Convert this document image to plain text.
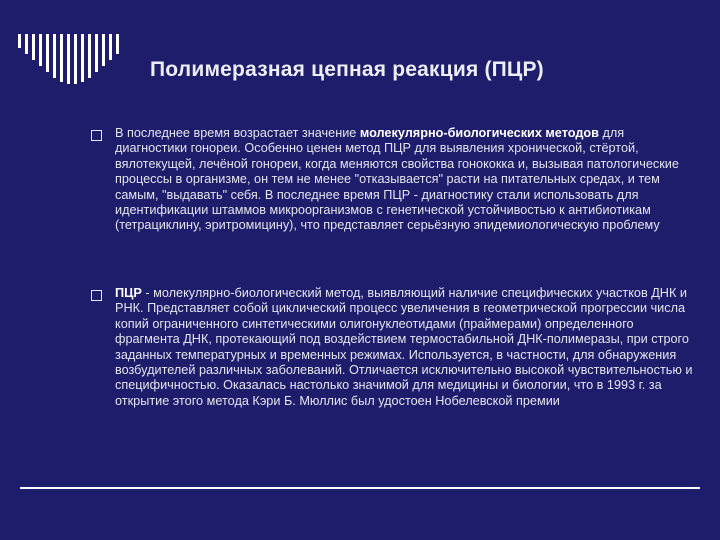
Полимеразная цепная реакция (ПЦР)
В последнее время возрастает значение молекулярно-биологических методов для диагностики гонореи. Особенно ценен метод ПЦР для выявления хронической, стёртой, вялотекущей, лечёной гонореи, когда меняются свойства гонококка и, вызывая патологические процессы в организме, он тем не менее "отказывается" расти на питательных средах, и тем самым, "выдавать" себя. В последнее время ПЦР - диагностику стали использовать для идентификации штаммов микроорганизмов с генетической устойчивостью к антибиотикам (тетрациклину, эритромицину), что представляет серьёзную эпидемиологическую проблему
ПЦР - молекулярно-биологический метод, выявляющий наличие специфических участков ДНК и РНК. Представляет собой циклический процесс увеличения в геометрической прогрессии числа копий ограниченного синтетическими олигонуклеотидами (праймерами) определенного фрагмента ДНК, протекающий под воздействием термостабильной ДНК-полимеразы, при строго заданных температурных и временных режимах. Используется, в частности, для обнаружения возбудителей различных заболеваний. Отличается исключительно высокой чувствительностью и специфичностью. Оказалась настолько значимой для медицины и биологии, что в 1993 г. за открытие этого метода Кэри Б. Мюллис был удостоен Нобелевской премии
